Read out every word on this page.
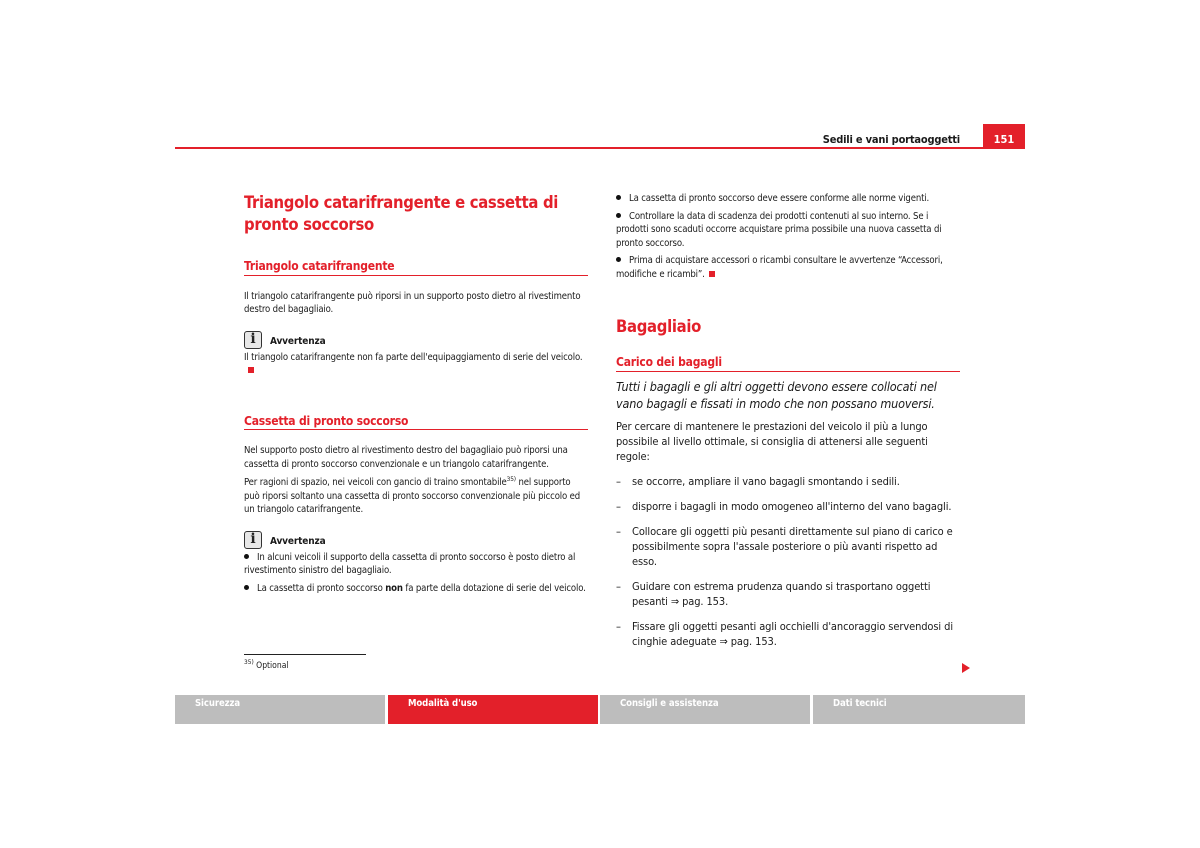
Sedili e vani portaoggetti	151
Triangolo catarifrangente e cassetta di pronto soccorso
Triangolo catarifrangente

Il triangolo catarifrangente può riporsi in un supporto posto dietro al rivestimento destro del bagagliaio.

i	Avvertenza

Il triangolo catarifrangente non fa parte dell'equipaggiamento di serie del veicolo.

Cassetta di pronto soccorso

Nel supporto posto dietro al rivestimento destro del bagagliaio può riporsi una cassetta di pronto soccorso convenzionale e un triangolo catarifrangente.

Per ragioni di spazio, nei veicoli con gancio di traino smontabile$^{35)}$ nel supporto può riporsi soltanto una cassetta di pronto soccorso convenzionale più piccolo ed un triangolo catarifrangente.

i	Avvertenza

In alcuni veicoli il supporto della cassetta di pronto soccorso è posto dietro al rivestimento sinistro del bagagliaio.

La cassetta di pronto soccorso non fa parte della dotazione di serie del veicolo.

$^{35)}$ Optional

La cassetta di pronto soccorso deve essere conforme alle norme vigenti.

Controllare la data di scadenza dei prodotti contenuti al suo interno. Se i prodotti sono scaduti occorre acquistare prima possibile una nuova cassetta di pronto soccorso.

Prima di acquistare accessori o ricambi consultare le avvertenze “Accessori, modifiche e ricambi”.

Bagagliaio
Carico dei bagagli

Tutti i bagagli e gli altri oggetti devono essere collocati nel vano bagagli e fissati in modo che non possano muoversi.

Per cercare di mantenere le prestazioni del veicolo il più a lungo possibile al livello ottimale, si consiglia di attenersi alle seguenti regole:

–	se occorre, ampliare il vano bagagli smontando i sedili.
–	disporre i bagagli in modo omogeneo all'interno del vano bagagli.
–	Collocare gli oggetti più pesanti direttamente sul piano di carico e possibilmente sopra l'assale posteriore o più avanti rispetto ad esso.
–	Guidare con estrema prudenza quando si trasportano oggetti pesanti ⇒ pag. 153.
–	Fissare gli oggetti pesanti agli occhielli d'ancoraggio servendosi di cinghie adeguate ⇒ pag. 153.
Sicurezza	Modalità d'uso	Consigli e assistenza	Dati tecnici
